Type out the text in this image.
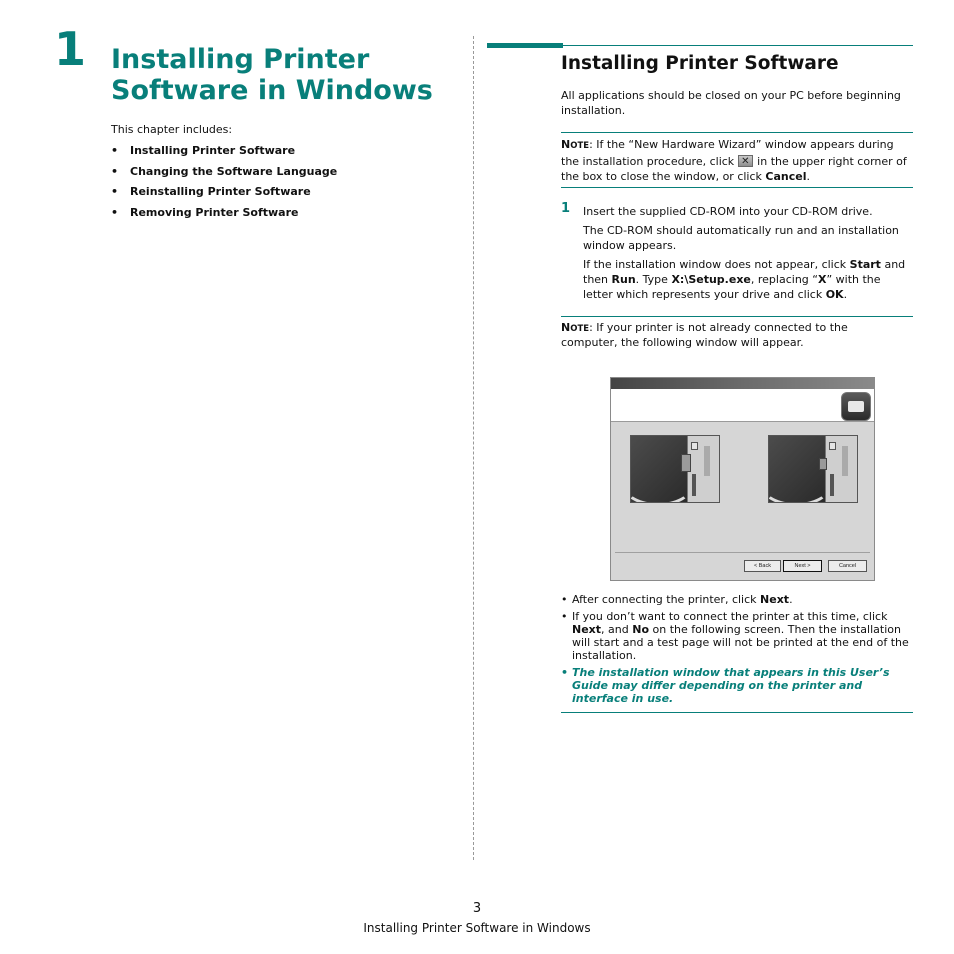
1 Installing Printer
Software in Windows
This chapter includes:
•	Installing Printer Software
•	Changing the Software Language
•	Reinstalling Printer Software
•	Removing Printer Software
Installing Printer Software
All applications should be closed on your PC before beginning
installation.
NOTE: If the “New Hardware Wizard” window appears during
the installation procedure, click✕ in the upper right corner of
the box to close the window, or click Cancel.
1 Insert the supplied CD-ROM into your CD-ROM drive.
The CD-ROM should automatically run and an installation
window appears.
If the installation window does not appear, click Start and
then Run. Type X:\Setup.exe, replacing “X” with the
letter which represents your drive and click OK.
NOTE: If your printer is not already connected to the
computer, the following window will appear.
< Back	Next >	Cancel
• After connecting the printer, click Next.
• If you don’t want to connect the printer at this time, click
Next, and No on the following screen. Then the installation
will start and a test page will not be printed at the end of the
installation.
• The installation window that appears in this User’s
Guide may differ depending on the printer and
interface in use.
3
Installing Printer Software in Windows
